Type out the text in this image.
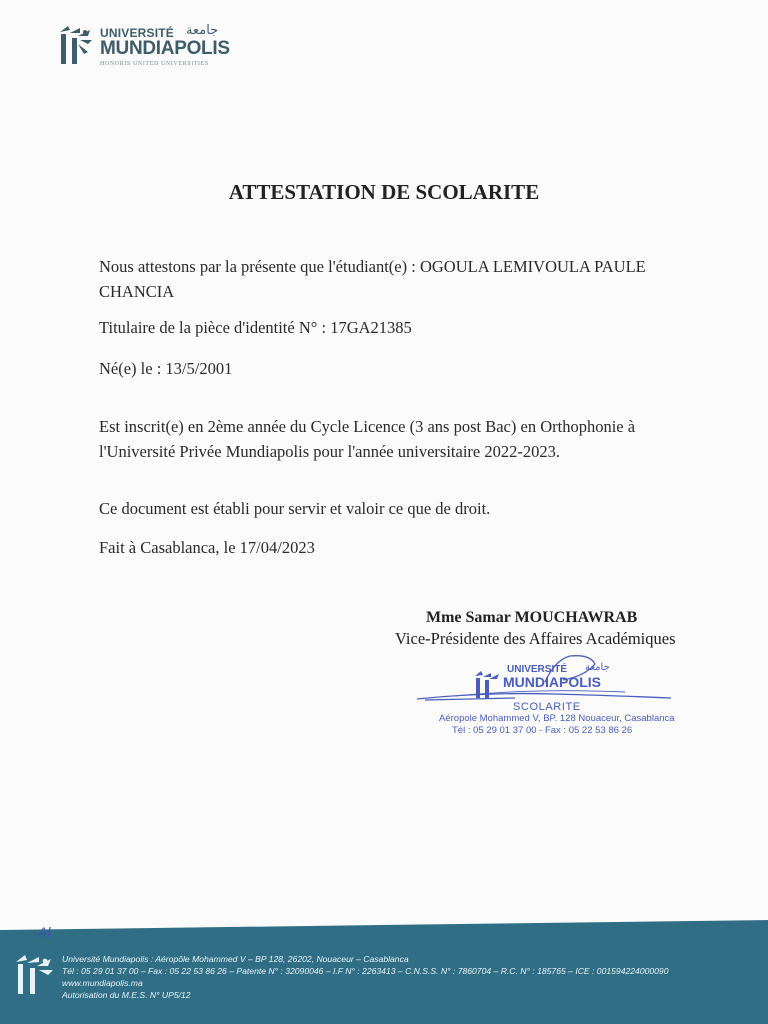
UNIVERSITÉ جامعة
MUNDIAPOLIS
HONORIS UNITED UNIVERSITIES
ATTESTATION DE SCOLARITE
Nous attestons par la présente que l'étudiant(e) : OGOULA LEMIVOULA PAULE CHANCIA
Titulaire de la pièce d'identité N° : 17GA21385
Né(e) le : 13/5/2001
Est inscrit(e) en 2ème année du Cycle Licence (3 ans post Bac) en Orthophonie à l'Université Privée Mundiapolis pour l'année universitaire 2022-2023.
Ce document est établi pour servir et valoir ce que de droit.
Fait à Casablanca, le 17/04/2023
Mme Samar MOUCHAWRAB
Vice-Présidente des Affaires Académiques
UNIVERSITÉ جامعة
MUNDIAPOLIS
SCOLARITE
Aéropole Mohammed V, BP. 128 Nouaceur, Casablanca
Tél : 05 29 01 37 00 - Fax : 05 22 53 86 26
Al
Université Mundiapolis : Aéropôle Mohammed V – BP 128, 26202, Nouaceur – Casablanca
Tél : 05 29 01 37 00 – Fax : 05 22 53 86 26 – Patente N° : 32090046 – I.F N° : 2263413 – C.N.S.S. N° : 7860704 – R.C. N° : 185765 – ICE : 001594224000090
www.mundiapolis.ma
Autorisation du M.E.S. N° UP5/12
